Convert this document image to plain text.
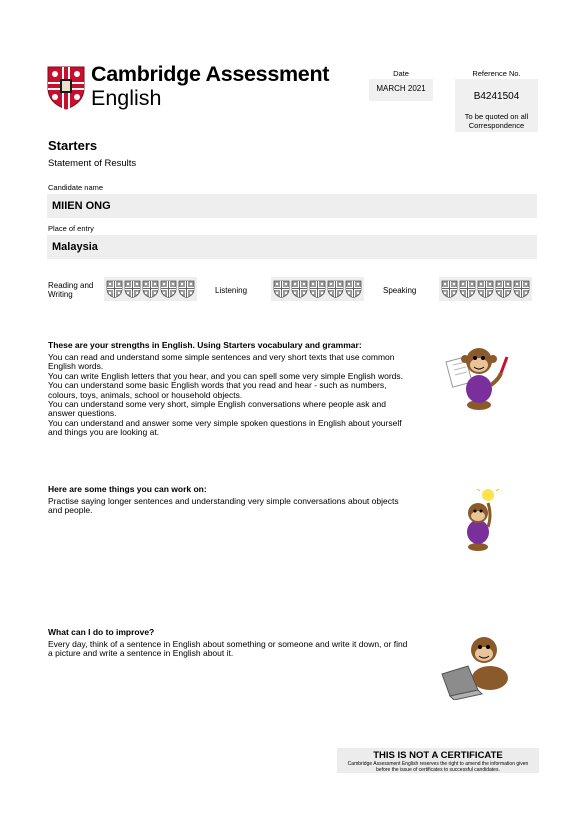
Cambridge Assessment
English
Date
MARCH 2021
Reference No.
B4241504
To be quoted on all
Correspondence
Starters
Statement of Results
Candidate name
MIIEN ONG
Place of entry
Malaysia
Reading and
Writing	Listening	Speaking
These are your strengths in English. Using Starters vocabulary and grammar:
You can read and understand some simple sentences and very short texts that use common
English words.
You can write English letters that you hear, and you can spell some very simple English words.
You can understand some basic English words that you read and hear - such as numbers,
colours, toys, animals, school or household objects.
You can understand some very short, simple English conversations where people ask and
answer questions.
You can understand and answer some very simple spoken questions in English about yourself
and things you are looking at.
Here are some things you can work on:
Practise saying longer sentences and understanding very simple conversations about objects
and people.
What can I do to improve?
Every day, think of a sentence in English about something or someone and write it down, or find
a picture and write a sentence in English about it.
THIS IS NOT A CERTIFICATE
Cambridge Assessment English reserves the right to amend the information given
before the issue of certificates to successful candidates.
